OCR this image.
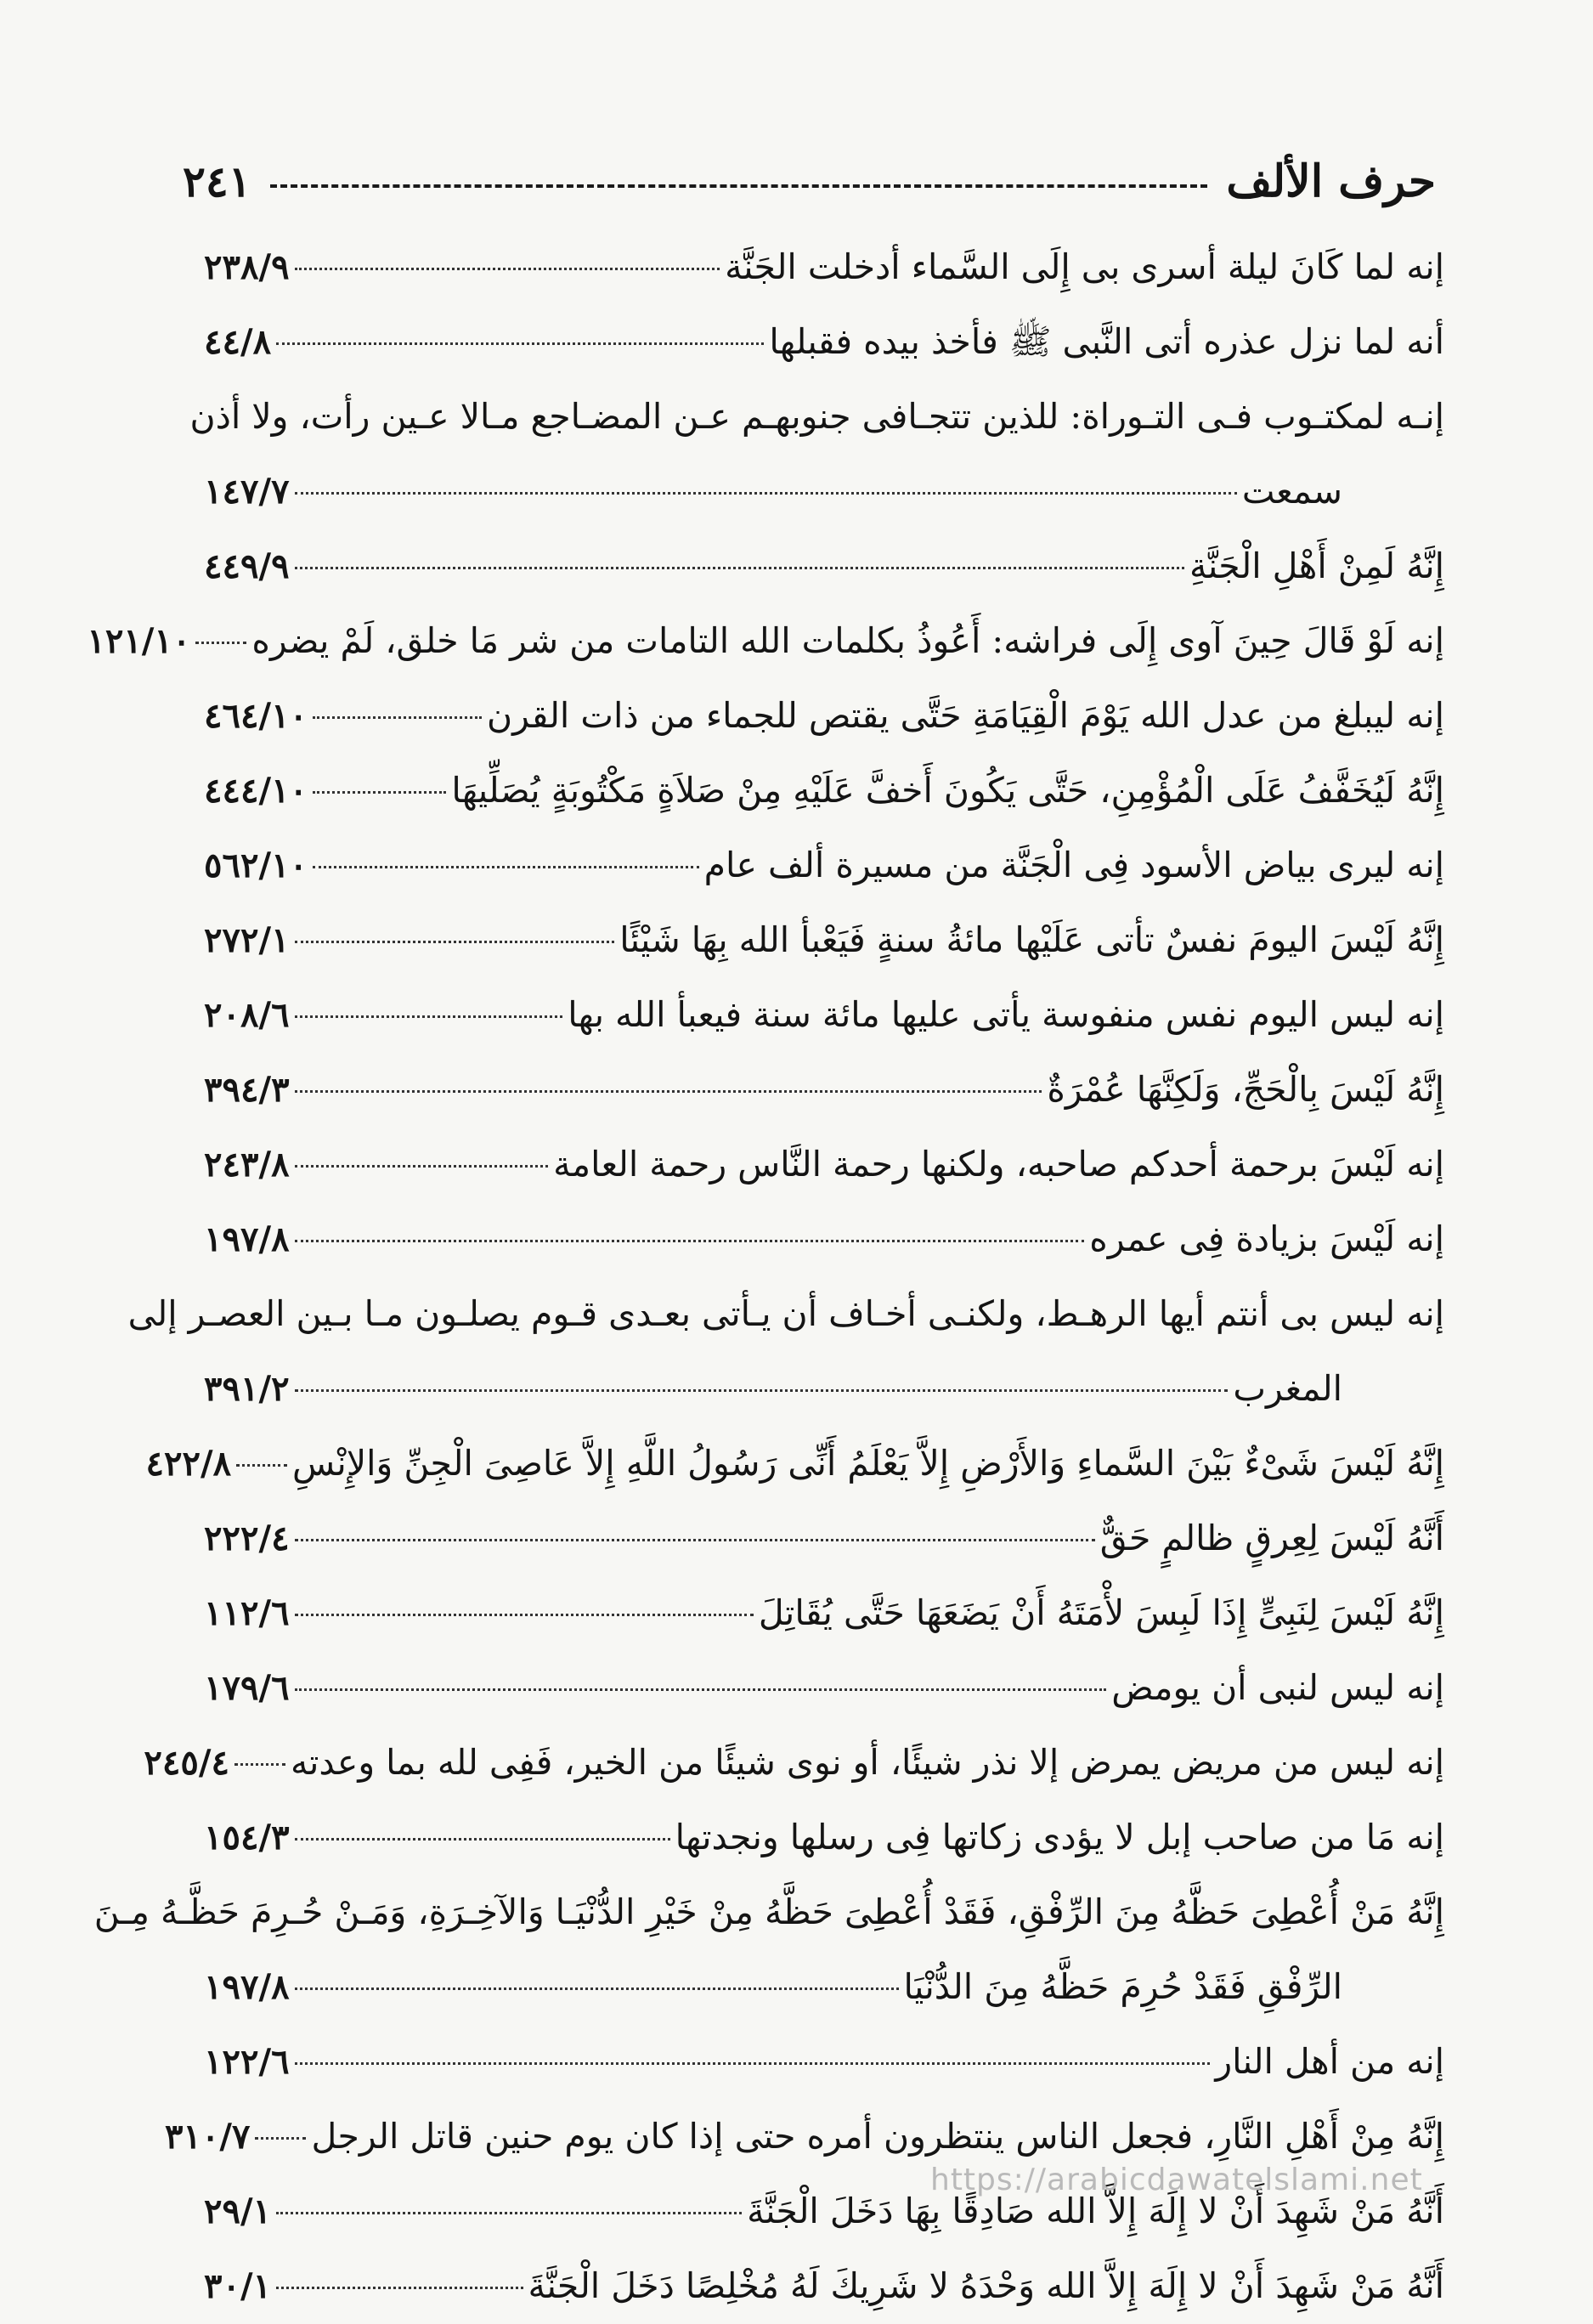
حرف الألف
٢٤١
إنه لما كَانَ ليلة أسرى بى إِلَى السَّماء أدخلت الجَنَّة
٢٣٨/٩
أنه لما نزل عذره أتى النَّبى ﷺ فأخذ بيده فقبلها
٤٤/٨
إنـه لمكتـوب فـى التـوراة: للذين تتجـافى جنوبهـم عـن المضـاجع مـالا عـين رأت، ولا أذن
سمعت
١٤٧/٧
إِنَّهُ لَمِنْ أَهْلِ الْجَنَّةِ
٤٤٩/٩
إنه لَوْ قَالَ حِينَ آوى إِلَى فراشه: أَعُوذُ بكلمات الله التامات من شر مَا خلق، لَمْ يضره
١٢١/١٠
إنه ليبلغ من عدل الله يَوْمَ الْقِيَامَةِ حَتَّى يقتص للجماء من ذات القرن
٤٦٤/١٠
إِنَّهُ لَيُخَفَّفُ عَلَى الْمُؤْمِنِ، حَتَّى يَكُونَ أَخفَّ عَلَيْهِ مِنْ صَلاَةٍ مَكْتُوبَةٍ يُصَلِّيهَا
٤٤٤/١٠
إنه ليرى بياض الأسود فِى الْجَنَّة من مسيرة ألف عام
٥٦٢/١٠
إِنَّهُ لَيْسَ اليومَ نفسٌ تأتى عَلَيْها مائةُ سنةٍ فَيَعْبأ الله بِهَا شَيْئًا
٢٧٢/١
إنه ليس اليوم نفس منفوسة يأتى عليها مائة سنة فيعبأ الله بها
٢٠٨/٦
إِنَّهُ لَيْسَ بِالْحَجِّ، وَلَكِنَّهَا عُمْرَةٌ
٣٩٤/٣
إنه لَيْسَ برحمة أحدكم صاحبه، ولكنها رحمة النَّاس رحمة العامة
٢٤٣/٨
إنه لَيْسَ بزيادة فِى عمره
١٩٧/٨
إنه ليس بى أنتم أيها الرهـط، ولكنـى أخـاف أن يـأتى بعـدى قـوم يصلـون مـا بـين العصـر إلى
المغرب
٣٩١/٢
إِنَّهُ لَيْسَ شَىْءٌ بَيْنَ السَّماءِ وَالأَرْضِ إِلاَّ يَعْلَمُ أَنِّى رَسُولُ اللَّهِ إِلاَّ عَاصِىَ الْجِنِّ وَالإِنْسِ
٤٢٢/٨
أَنَّهُ لَيْسَ لِعِرقٍ ظالمٍ حَقٌّ
٢٢٢/٤
إِنَّهُ لَيْسَ لِنَبِىٍّ إِذَا لَبِسَ لأْمَتَهُ أَنْ يَضَعَهَا حَتَّى يُقَاتِلَ
١١٢/٦
إنه ليس لنبى أن يومض
١٧٩/٦
إنه ليس من مريض يمرض إلا نذر شيئًا، أو نوى شيئًا من الخير، فَفِى لله بما وعدته
٢٤٥/٤
إنه مَا من صاحب إبل لا يؤدى زكاتها فِى رسلها ونجدتها
١٥٤/٣
إِنَّهُ مَنْ أُعْطِىَ حَظَّهُ مِنَ الرِّفْقِ، فَقَدْ أُعْطِىَ حَظَّهُ مِنْ خَيْرِ الدُّنْيَـا وَالآخِـرَةِ، وَمَـنْ حُـرِمَ حَظَّـهُ مِـنَ
الرِّفْقِ فَقَدْ حُرِمَ حَظَّهُ مِنَ الدُّنْيَا
١٩٧/٨
إنه من أهل النار
١٢٢/٦
إِنَّهُ مِنْ أَهْلِ النَّارِ، فجعل الناس ينتظرون أمره حتى إذا كان يوم حنين قاتل الرجل
٣١٠/٧
أَنَّهُ مَنْ شَهِدَ أَنْ لا إِلَهَ إِلاَّ الله صَادِقًا بِهَا دَخَلَ الْجَنَّةَ
٢٩/١
أَنَّهُ مَنْ شَهِدَ أَنْ لا إِلَهَ إِلاَّ الله وَحْدَهُ لا شَرِيكَ لَهُ مُخْلِصًا دَخَلَ الْجَنَّةَ
٣٠/١
https://arabicdawatelslami.net
